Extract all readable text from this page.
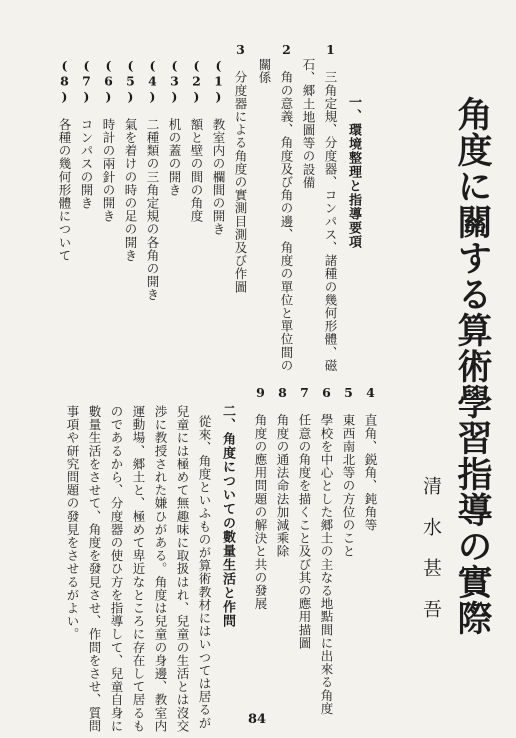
角度に關する算術學習指導の實際
清水甚吾
一、環境整理と指導要項
4　直角、鋭角、鈍角等
5　東西南北等の方位のこと
6　學校を中心とした郷土の主なる地點間に出來る角度
7　任意の角度を描くこと及び其の應用描圖
8　角度の通法命法加減乘除
9　角度の應用問題の解決と共の發展
二、角度についての數量生活と作問
從來、角度といふものが算術教材にはいつては居るが
兒童には極めて無趣味に取扱はれ、兒童の生活とは沒交
渉に教授された嫌ひがある。角度は兒童の身邊、教室内
運動場、郷土と、極めて卑近なところに存在して居るも
のであるから、分度器の使ひ方を指導して、兒童自身に
數量生活をさせて、角度を發見させ、作問をさせ、質問
事項や研究問題の發見をさせるがよい。
1　三角定規、分度器、コンパス、諸種の幾何形體、磁
石、郷土地圖等の設備
2　角の意義、角度及び角の邊、角度の單位と單位間の
關係
3　分度器による角度の實測目測及び作圖
(1)　教室内の欄間の開き
(2)　額と壁の間の角度
(3)　机の蓋の開き
(4)　二種類の三角定規の各角の開き
(5)　氣を着けの時の足の開き
(6)　時計の兩針の開き
(7)　コンパスの開き
(8)　各種の幾何形體について
84
